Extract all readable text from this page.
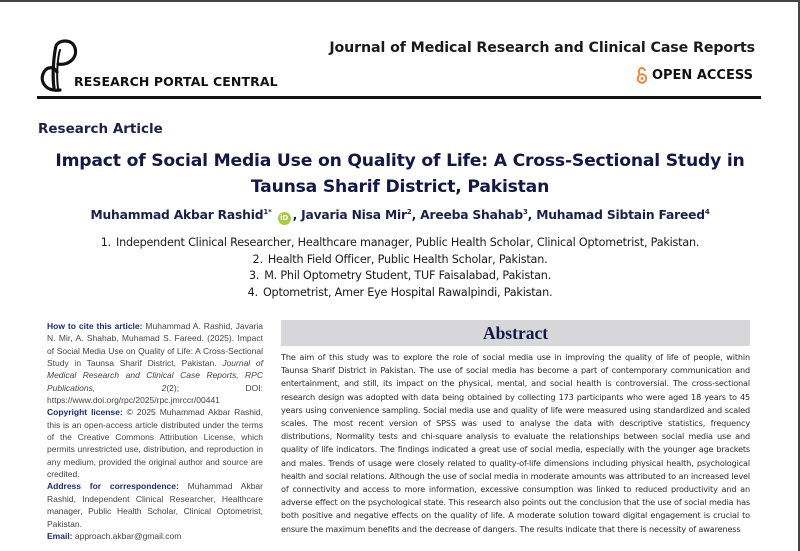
RESEARCH PORTAL CENTRAL
Journal of Medical Research and Clinical Case Reports
OPEN ACCESS
Research Article
Impact of Social Media Use on Quality of Life: A Cross-Sectional Study in Taunsa Sharif District, Pakistan
Muhammad Akbar Rashid$^{1*}$ iD , Javaria Nisa Mir$^2$, Areeba Shahab$^3$, Muhamad Sibtain Fareed$^4$
1. Independent Clinical Researcher, Healthcare manager, Public Health Scholar, Clinical Optometrist, Pakistan.
2. Health Field Officer, Public Health Scholar, Pakistan.
3. M. Phil Optometry Student, TUF Faisalabad, Pakistan.
4. Optometrist, Amer Eye Hospital Rawalpindi, Pakistan.

How to cite this article: Muhammad A. Rashid, Javaria N. Mir, A. Shahab, Muhamad S. Fareed. (2025). Impact of Social Media Use on Quality of Life: A Cross-Sectional Study in Taunsa Sharif District, Pakistan. Journal of Medical Research and Clinical Case Reports, RPC Publications, 2(2); DOI: https://www.doi.org/rpc/2025/rpc.jmrccr/00441

Copyright license: © 2025 Muhammad Akbar Rashid, this is an open-access article distributed under the terms of the Creative Commons Attribution License, which permits unrestricted use, distribution, and reproduction in any medium, provided the original author and source are credited.

Address for correspondence: Muhammad Akbar Rashid, Independent Clinical Researcher, Healthcare manager, Public Health Scholar, Clinical Optometrist, Pakistan.

Email: approach.akbar@gmail.com

Abstract
The aim of this study was to explore the role of social media use in improving the quality of life of people, within Taunsa Sharif District in Pakistan. The use of social media has become a part of contemporary communication and entertainment, and still, its impact on the physical, mental, and social health is controversial. The cross-sectional research design was adopted with data being obtained by collecting 173 participants who were aged 18 years to 45 years using convenience sampling. Social media use and quality of life were measured using standardized and scaled scales. The most recent version of SPSS was used to analyse the data with descriptive statistics, frequency distributions, Normality tests and chi-square analysis to evaluate the relationships between social media use and quality of life indicators. The findings indicated a great use of social media, especially with the younger age brackets and males. Trends of usage were closely related to quality-of-life dimensions including physical health, psychological health and social relations. Although the use of social media in moderate amounts was attributed to an increased level of connectivity and access to more information, excessive consumption was linked to reduced productivity and an adverse effect on the psychological state. This research also points out the conclusion that the use of social media has both positive and negative effects on the quality of life. A moderate solution toward digital engagement is crucial to ensure the maximum benefits and the decrease of dangers. The results indicate that there is necessity of awareness
